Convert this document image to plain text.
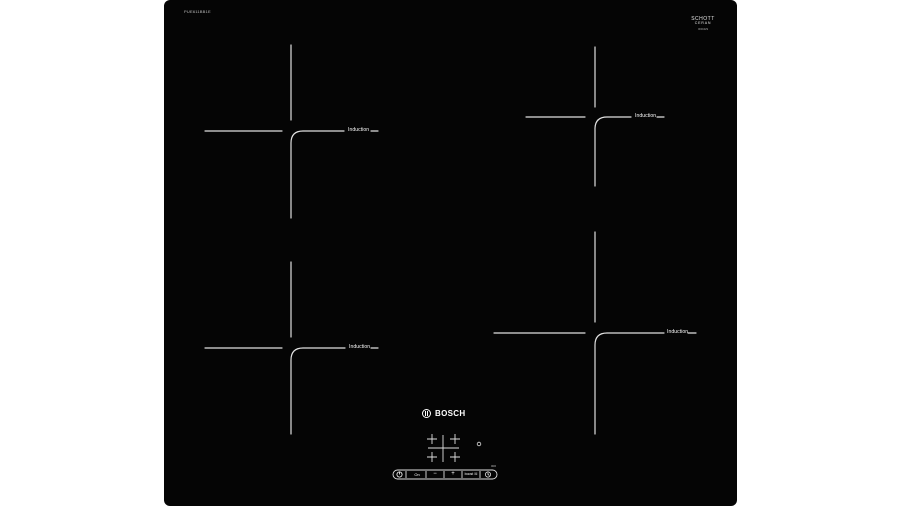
PUE611BB1E
SCHOTT
CERAN
0001029
Induction
Induction
Induction
Induction
BOSCH
000
On	−	+	boost ☒
